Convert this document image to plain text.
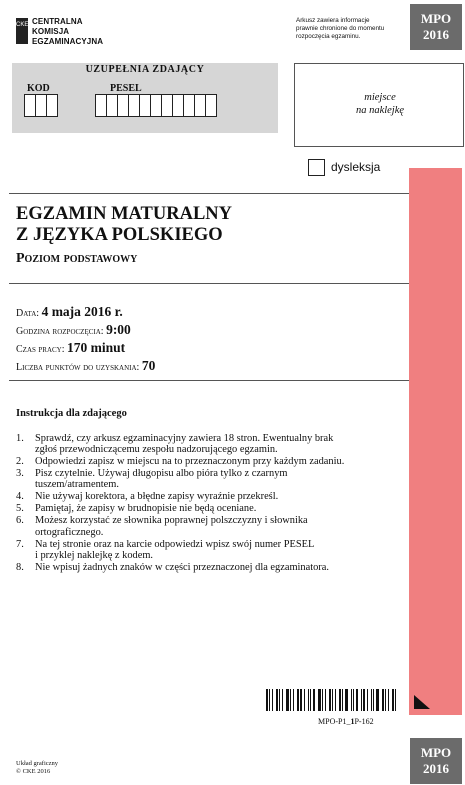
CKE CENTRALNA
KOMISJA
EGZAMINACYJNA
Arkusz zawiera informacje
prawnie chronione do momentu
rozpoczęcia egzaminu.
MPO
2016
UZUPEŁNIA ZDAJĄCY
KOD	PESEL
miejsce
na naklejkę
dysleksja
EGZAMIN MATURALNY
Z JĘZYKA POLSKIEGO
Poziom podstawowy
Data: 4 maja 2016 r.
Godzina rozpoczęcia: 9:00
Czas pracy: 170 minut
Liczba punktów do uzyskania: 70
Instrukcja dla zdającego
1. Sprawdź, czy arkusz egzaminacyjny zawiera 18 stron. Ewentualny brak
zgłoś przewodniczącemu zespołu nadzorującego egzamin.
2. Odpowiedzi zapisz w miejscu na to przeznaczonym przy każdym zadaniu.
3. Pisz czytelnie. Używaj długopisu albo pióra tylko z czarnym
tuszem/atramentem.
4. Nie używaj korektora, a błędne zapisy wyraźnie przekreśl.
5. Pamiętaj, że zapisy w brudnopisie nie będą oceniane.
6. Możesz korzystać ze słownika poprawnej polszczyzny i słownika
ortograficznego.
7. Na tej stronie oraz na karcie odpowiedzi wpisz swój numer PESEL
i przyklej naklejkę z kodem.
8. Nie wpisuj żadnych znaków w części przeznaczonej dla egzaminatora.
MPO-P1_1P-162
MPO
2016
Układ graficzny
© CKE 2016
